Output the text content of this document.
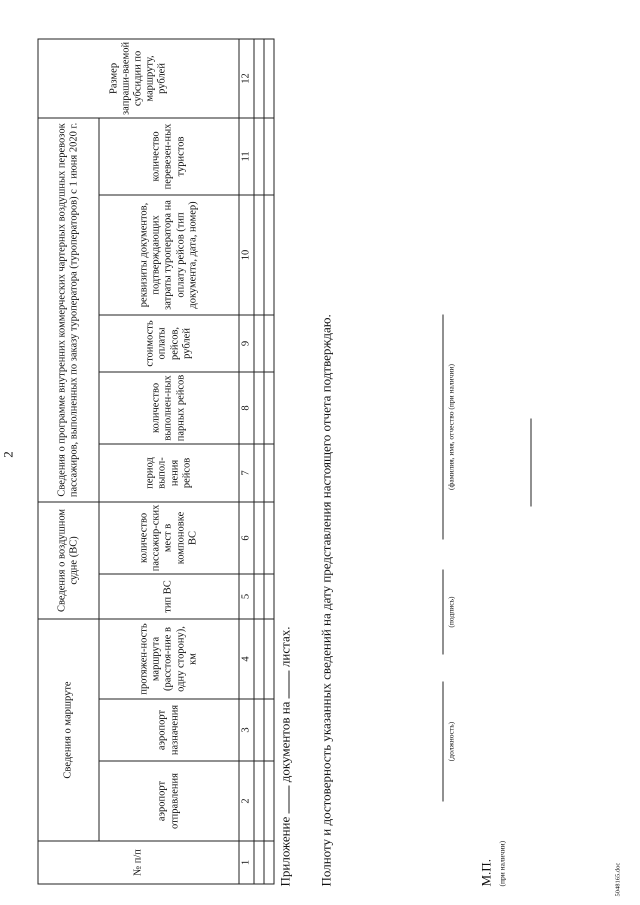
2
№ п/п	Сведения о маршруте			Сведения о воздушном судне (ВС)		Сведения о программе внутренних коммерческих чартерных воздушных перевозок пассажиров, выполненных по заказу туроператора (туроператоров) с 1 июня 2020 г.					Размер запраши-ваемой субсидии по маршруту, рублей
	аэропорт отправления	аэропорт назначения	протяжен-ность маршрута (расстоя-ние в одну сторону), км	тип ВС	количество пассажир-ских мест в компоновке ВС	период выпол-нения рейсов	количество выполнен-ных парных рейсов	стоимость оплаты рейсов, рублей	реквизиты документов, подтверждающих затраты туроператора на оплату рейсов (тип документа, дата, номер)	количество перевезен-ных туристов	
1	2	3	4	5	6	7	8	9	10	11	12

Приложение  документов на  листах. Полноту и достоверность указанных сведений на дату представления настоящего отчета подтверждаю.	(должность)
(подпись)
(фамилия, имя, отчество (при наличии)
М.П. (при наличии)	5048165.doc
